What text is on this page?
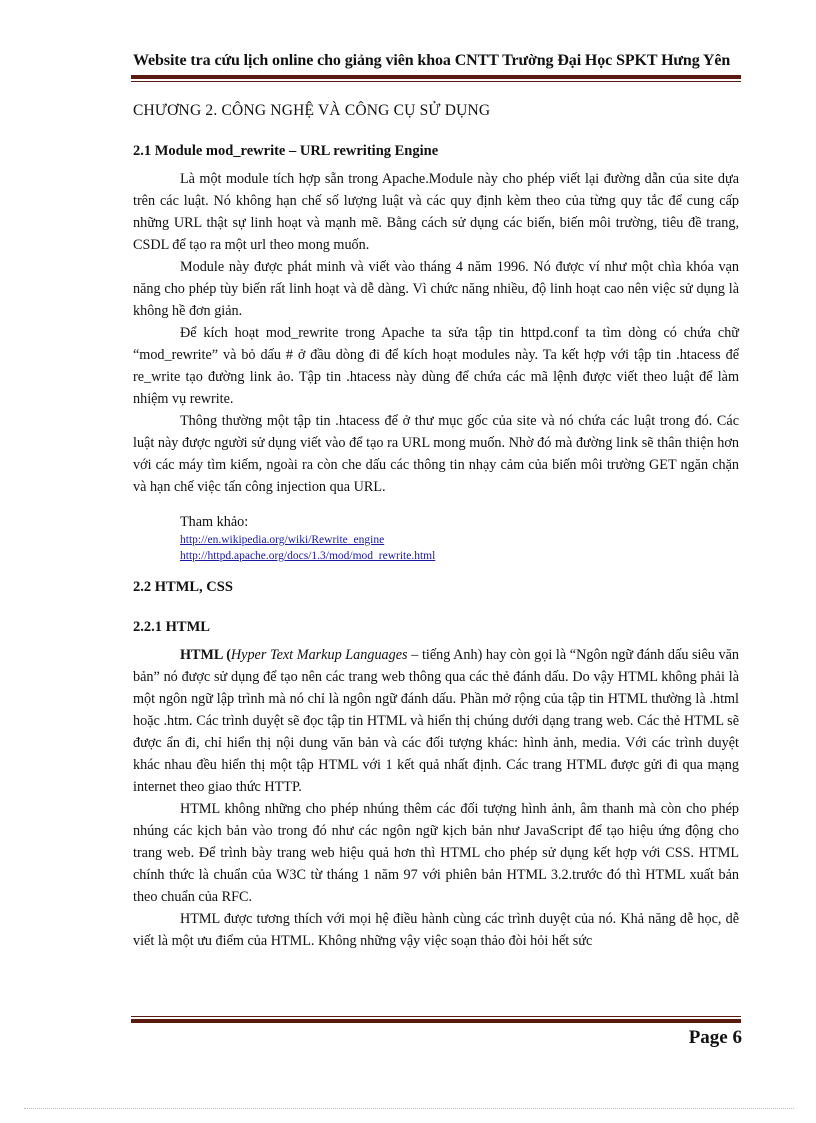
Website tra cứu lịch online cho giảng viên khoa CNTT Trường Đại Học SPKT Hưng Yên
CHƯƠNG 2. CÔNG NGHỆ VÀ CÔNG CỤ SỬ DỤNG
2.1 Module mod_rewrite – URL rewriting Engine

Là một module tích hợp sẵn trong Apache.Module này cho phép viết lại đường dẫn của site dựa trên các luật. Nó không hạn chế số lượng luật và các quy định kèm theo của từng quy tắc để cung cấp những URL thật sự linh hoạt và mạnh mẽ. Bằng cách sử dụng các biến, biến môi trường, tiêu đề trang, CSDL để tạo ra một url theo mong muốn.

Module này được phát minh và viết vào tháng 4 năm 1996. Nó được ví như một chìa khóa vạn năng cho phép tùy biến rất linh hoạt và dễ dàng. Vì chức năng nhiều, độ linh hoạt cao nên việc sử dụng là không hề đơn giản.

Để kích hoạt mod_rewrite trong Apache ta sửa tập tin httpd.conf ta tìm dòng có chứa chữ “mod_rewrite” và bỏ dấu # ở đầu dòng đi để kích hoạt modules này. Ta kết hợp với tập tin .htacess để re_write tạo đường link ảo. Tập tin .htacess này dùng để chứa các mã lệnh được viết theo luật để làm nhiệm vụ rewrite.

Thông thường một tập tin .htacess để ở thư mục gốc của site và nó chứa các luật trong đó. Các luật này được người sử dụng viết vào để tạo ra URL mong muốn. Nhờ đó mà đường link sẽ thân thiện hơn với các máy tìm kiếm, ngoài ra còn che dấu các thông tin nhạy cảm của biến môi trường GET ngăn chặn và hạn chế việc tấn công injection qua URL.

Tham khảo:
http://en.wikipedia.org/wiki/Rewrite_engine
http://httpd.apache.org/docs/1.3/mod/mod_rewrite.html
2.2 HTML, CSS
2.2.1 HTML

HTML (Hyper Text Markup Languages – tiếng Anh) hay còn gọi là “Ngôn ngữ đánh dấu siêu văn bản” nó được sử dụng để tạo nên các trang web thông qua các thẻ đánh dấu. Do vậy HTML không phải là một ngôn ngữ lập trình mà nó chỉ là ngôn ngữ đánh dấu. Phần mở rộng của tập tin HTML thường là .html hoặc .htm. Các trình duyệt sẽ đọc tập tin HTML và hiển thị chúng dưới dạng trang web. Các thẻ HTML sẽ được ẩn đi, chỉ hiển thị nội dung văn bản và các đối tượng khác: hình ảnh, media. Với các trình duyệt khác nhau đều hiển thị một tập HTML với 1 kết quả nhất định. Các trang HTML được gửi đi qua mạng internet theo giao thức HTTP.

HTML không những cho phép nhúng thêm các đối tượng hình ảnh, âm thanh mà còn cho phép nhúng các kịch bản vào trong đó như các ngôn ngữ kịch bản như JavaScript để tạo hiệu ứng động cho trang web. Để trình bày trang web hiệu quả hơn thì HTML cho phép sử dụng kết hợp với CSS. HTML chính thức là chuẩn của W3C từ tháng 1 năm 97 với phiên bản HTML 3.2.trước đó thì HTML xuất bản theo chuẩn của RFC.

HTML được tương thích với mọi hệ điều hành cùng các trình duyệt của nó. Khả năng dễ học, dễ viết là một ưu điểm của HTML. Không những vậy việc soạn thảo đòi hỏi hết sức

Page 6
